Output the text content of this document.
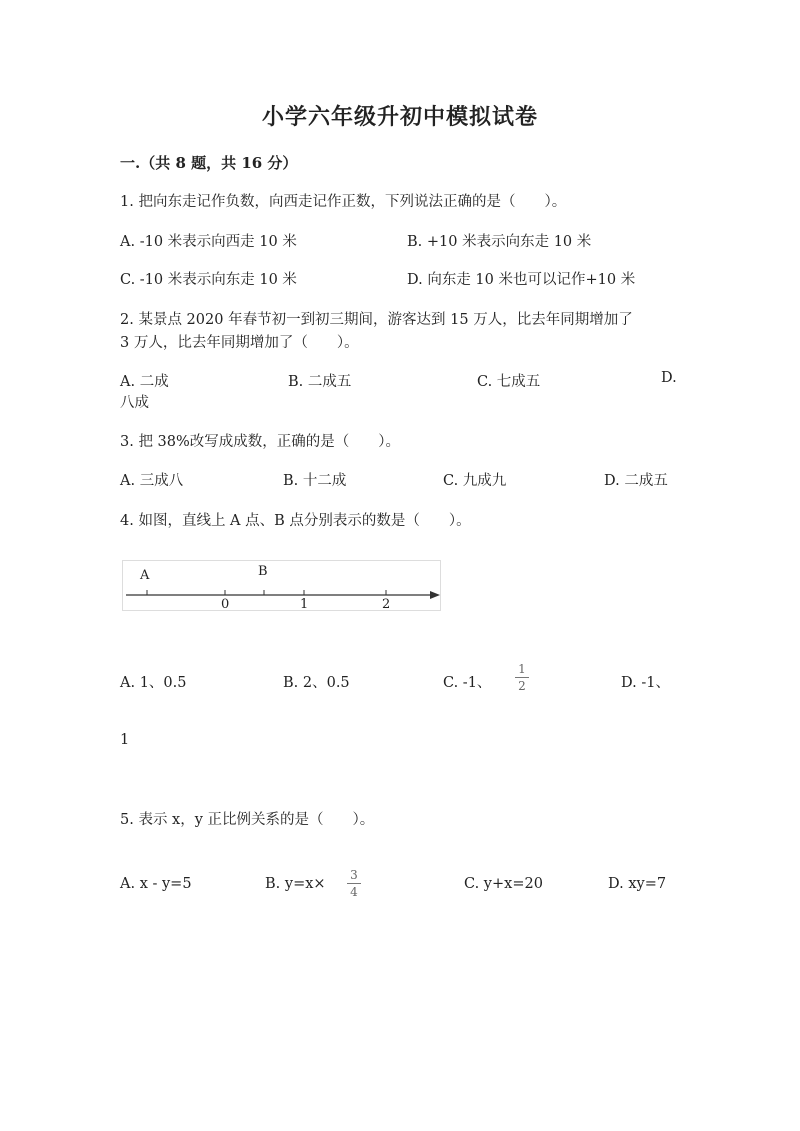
小学六年级升初中模拟试卷
一.（共 8 题，共 16 分）
1. 把向东走记作负数，向西走记作正数，下列说法正确的是（　　）。
A. -10 米表示向西走 10 米	B. +10 米表示向东走 10 米
C. -10 米表示向东走 10 米	D. 向东走 10 米也可以记作+10 米
2. 某景点 2020 年春节初一到初三期间，游客达到 15 万人，比去年同期增加了
3 万人，比去年同期增加了（　　）。
A. 二成	B. 二成五	C. 七成五	D.
八成
3. 把 38%改写成成数，正确的是（　　）。
A. 三成八	B. 十二成	C. 九成九	D. 二成五
4. 如图，直线上 A 点、B 点分别表示的数是（　　）。
A	B
0	1	2
A. 1、0.5	B. 2、0.5	C. -1、
1
2	D. -1、
1
5. 表示 x，y 正比例关系的是（　　）。
A. x - y=5	B. y=x×
3
4	C. y+x=20	D. xy=7
